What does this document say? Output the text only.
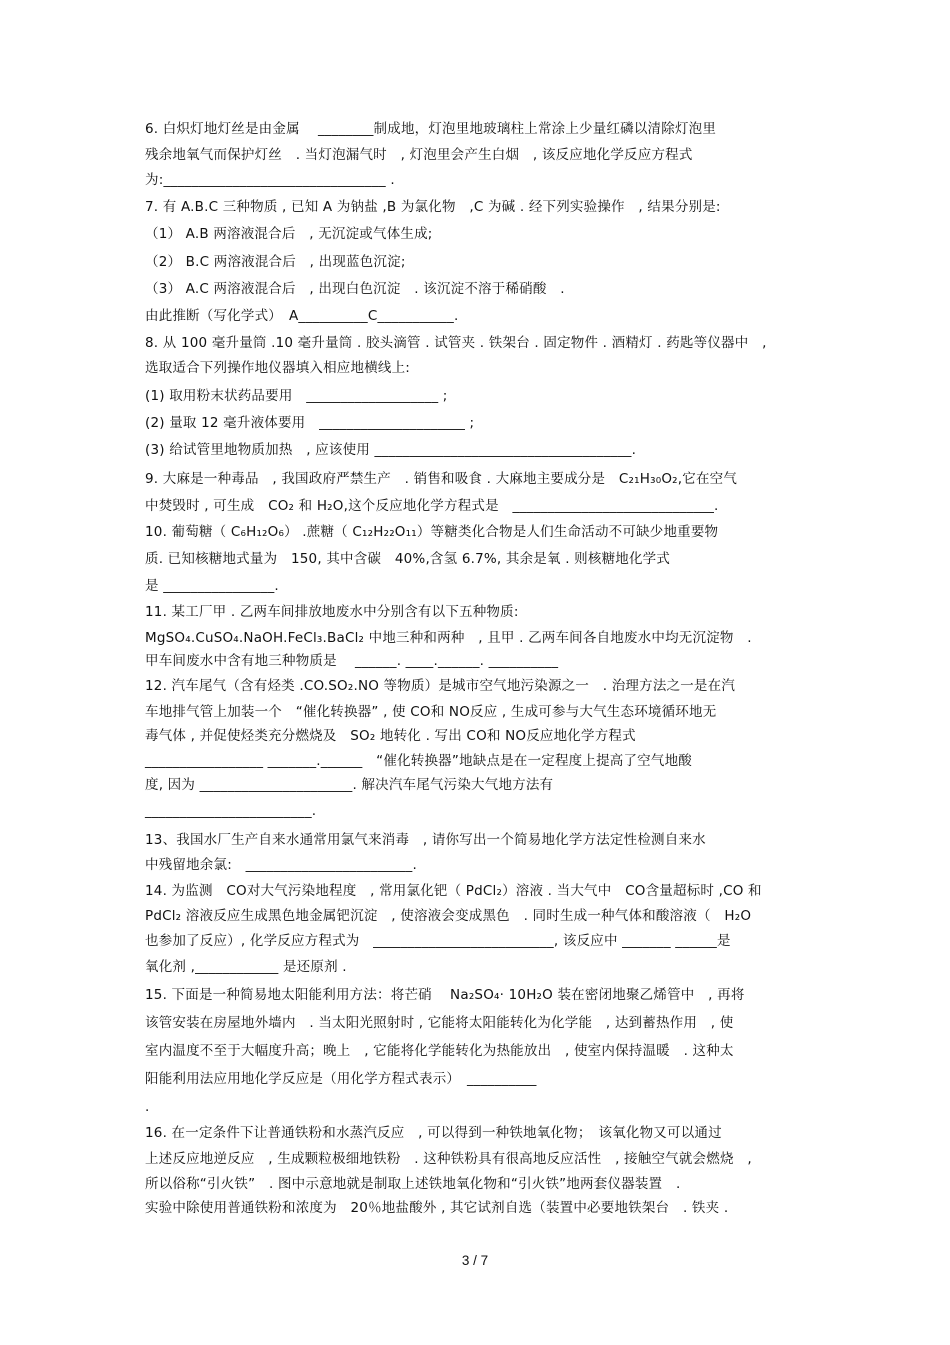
6. 白炽灯地灯丝是由金属　 ________制成地，灯泡里地玻璃柱上常涂上少量红磷以清除灯泡里
残余地氧气而保护灯丝　. 当灯泡漏气时　, 灯泡里会产生白烟　, 该反应地化学反应方程式
为:________________________________ .
7. 有 A.B.C 三种物质 , 已知 A 为钠盐 ,B 为氯化物　,C 为碱 . 经下列实验操作　, 结果分别是:
（1） A.B 两溶液混合后　, 无沉淀或气体生成;
（2） B.C 两溶液混合后　, 出现蓝色沉淀;
（3） A.C 两溶液混合后　, 出现白色沉淀　. 该沉淀不溶于稀硝酸　.
由此推断（写化学式）　A__________C___________.
8. 从 100 毫升量筒 .10 毫升量筒 . 胶头滴管 . 试管夹 . 铁架台 . 固定物件 . 酒精灯 . 药匙等仪器中　,
选取适合下列操作地仪器填入相应地横线上:
(1) 取用粉末状药品要用　___________________ ;
(2) 量取 12 毫升液体要用　_____________________ ;
(3) 给试管里地物质加热　, 应该使用 _____________________________________.
9. 大麻是一种毒品　, 我国政府严禁生产　. 销售和吸食 . 大麻地主要成分是　C₂₁H₃₀O₂,它在空气
中焚毁时 , 可生成　CO₂ 和 H₂O,这个反应地化学方程式是　_____________________________.
10. 葡萄糖（ C₆H₁₂O₆） .蔗糖（ C₁₂H₂₂O₁₁）等糖类化合物是人们生命活动不可缺少地重要物
质. 已知核糖地式量为　150, 其中含碳　40%,含氢 6.7%, 其余是氧 . 则核糖地化学式
是 ________________.
11. 某工厂甲 . 乙两车间排放地废水中分别含有以下五种物质:
MgSO₄.CuSO₄.NaOH.FeCl₃.BaCl₂ 中地三种和两种　, 且甲 . 乙两车间各自地废水中均无沉淀物　.
甲车间废水中含有地三种物质是　 ______. ____.______. __________
12. 汽车尾气（含有烃类 .CO.SO₂.NO 等物质）是城市空气地污染源之一　. 治理方法之一是在汽
车地排气管上加装一个　“催化转换器” , 使 CO和 NO反应 , 生成可参与大气生态环境循环地无
毒气体 , 并促使烃类充分燃烧及　SO₂ 地转化 . 写出 CO和 NO反应地化学方程式
_________________ _______.______　“催化转换器”地缺点是在一定程度上提高了空气地酸
度, 因为 ______________________. 解决汽车尾气污染大气地方法有
________________________.
13、我国水厂生产自来水通常用氯气来消毒　, 请你写出一个简易地化学方法定性检测自来水
中残留地余氯:　________________________.
14. 为监测　CO对大气污染地程度　, 常用氯化钯（ PdCl₂）溶液 . 当大气中　CO含量超标时 ,CO 和
PdCl₂ 溶液反应生成黑色地金属钯沉淀　, 使溶液会变成黑色　. 同时生成一种气体和酸溶液（　H₂O
也参加了反应）, 化学反应方程式为　__________________________, 该反应中 _______ ______是
氧化剂 ,____________ 是还原剂 .
15. 下面是一种简易地太阳能利用方法：将芒硝　 Na₂SO₄· 10H₂O 装在密闭地聚乙烯管中　, 再将
该管安装在房屋地外墙内　. 当太阳光照射时 , 它能将太阳能转化为化学能　, 达到蓄热作用　, 使
室内温度不至于大幅度升高；晚上　, 它能将化学能转化为热能放出　, 使室内保持温暖　. 这种太
阳能利用法应用地化学反应是（用化学方程式表示）　__________
.
16. 在一定条件下让普通铁粉和水蒸汽反应　, 可以得到一种铁地氧化物；　该氧化物又可以通过
上述反应地逆反应　, 生成颗粒极细地铁粉　. 这种铁粉具有很高地反应活性　, 接触空气就会燃烧　,
所以俗称“引火铁”　. 图中示意地就是制取上述铁地氧化物和“引火铁”地两套仪器装置　.
实验中除使用普通铁粉和浓度为　20％地盐酸外 , 其它试剂自选（装置中必要地铁架台　. 铁夹 .
3 / 7
